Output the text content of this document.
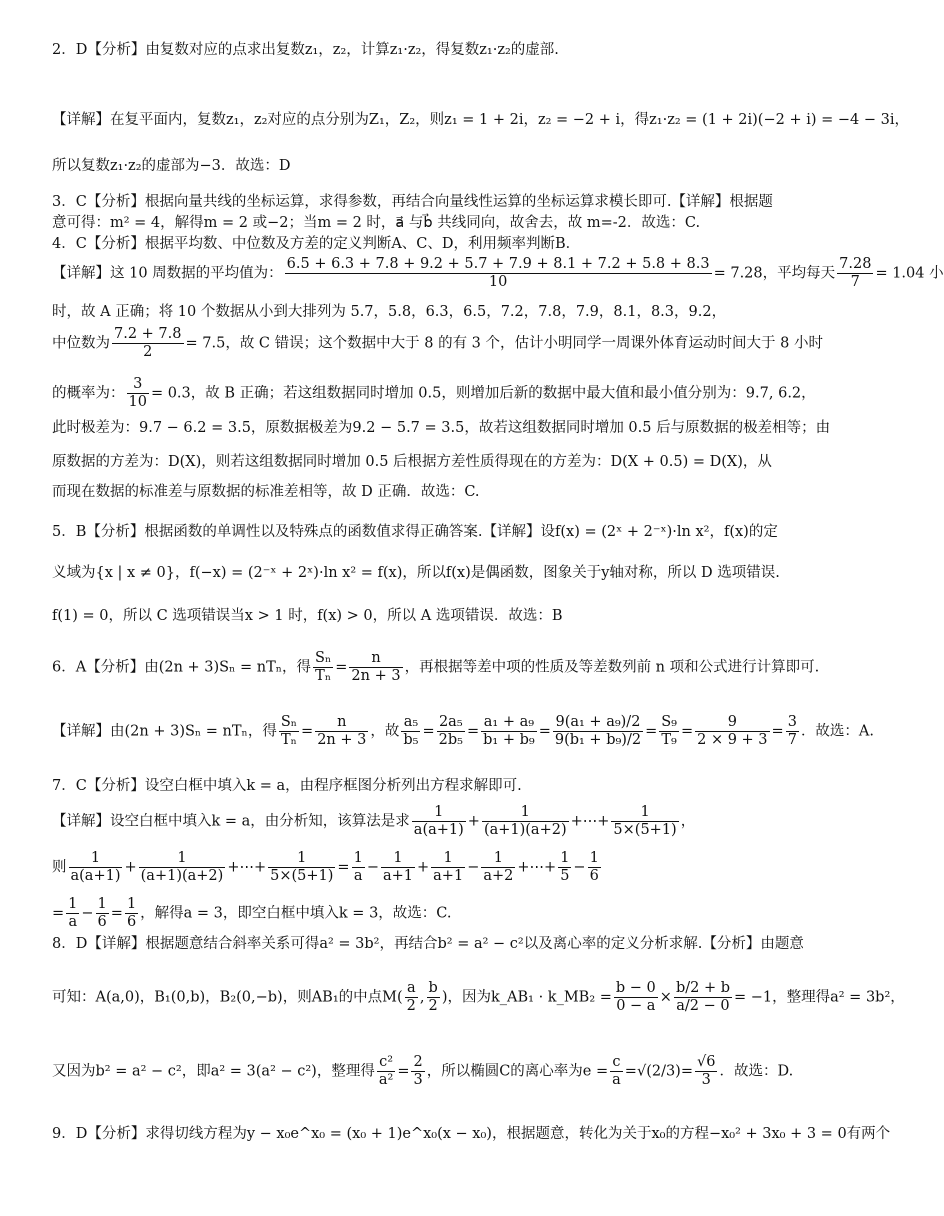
2．D【分析】由复数对应的点求出复数z₁，z₂，计算z₁·z₂，得复数z₁·z₂的虚部.
【详解】在复平面内，复数z₁，z₂对应的点分别为Z₁，Z₂，则z₁ = 1 + 2i，z₂ = −2 + i，得z₁·z₂ = (1 + 2i)(−2 + i) = −4 − 3i，
所以复数z₁·z₂的虚部为−3．故选：D
3．C【分析】根据向量共线的坐标运算，求得参数，再结合向量线性运算的坐标运算求模长即可.【详解】根据题
意可得：m² = 4，解得m = 2 或−2；当m = 2 时，a⃗ 与b⃗ 共线同向，故舍去，故 m=-2．故选：C.
4．C【分析】根据平均数、中位数及方差的定义判断A、C、D，利用频率判断B．
【详解】这 10 周数据的平均值为： $\frac{6.5 + 6.3 + 7.8 + 9.2 + 5.7 + 7.9 + 8.1 + 7.2 + 5.8 + 8.3}{10} = 7.28$，平均每天 $\frac{7.28}{7} = 1.04$ 小
时，故 A 正确；将 10 个数据从小到大排列为 5.7，5.8，6.3，6.5，7.2，7.8，7.9，8.1，8.3，9.2，
中位数为 $\frac{7.2 + 7.8}{2} = 7.5$，故 C 错误；这个数据中大于 8 的有 3 个，估计小明同学一周课外体育运动时间大于 8 小时
的概率为： $\frac{3}{10} = 0.3$，故 B 正确；若这组数据同时增加 0.5，则增加后新的数据中最大值和最小值分别为：9.7, 6.2，
此时极差为：9.7 − 6.2 = 3.5，原数据极差为9.2 − 5.7 = 3.5，故若这组数据同时增加 0.5 后与原数据的极差相等；由
原数据的方差为：D(X)，则若这组数据同时增加 0.5 后根据方差性质得现在的方差为：D(X + 0.5) = D(X)，从
而现在数据的标准差与原数据的标准差相等，故 D 正确．故选：C.
5．B【分析】根据函数的单调性以及特殊点的函数值求得正确答案.【详解】设f(x) = (2ˣ + 2⁻ˣ)·ln x²，f(x)的定
义域为{x | x ≠ 0}，f(−x) = (2⁻ˣ + 2ˣ)·ln x² = f(x)，所以f(x)是偶函数，图象关于y轴对称，所以 D 选项错误.
f(1) = 0，所以 C 选项错误当x > 1 时，f(x) > 0，所以 A 选项错误．故选：B
6．A【分析】由(2n + 3)Sₙ = nTₙ，得 $\frac{\text{Sₙ}}{\text{Tₙ}} = \frac{n}{2n + 3}$ ，再根据等差中项的性质及等差数列前 n 项和公式进行计算即可.
【详解】由(2n + 3)Sₙ = nTₙ，得 $\frac{\text{Sₙ}}{\text{Tₙ}} = \frac{n}{2n + 3}$ ，故 $\frac{\text{a₅}}{\text{b₅}} = \frac{\text{2a₅}}{\text{2b₅}} = \frac{\text{a₁ + a₉}}{\text{b₁ + b₉}} = \frac{\text{9(a₁ + a₉)/2}}{\text{9(b₁ + b₉)/2}} = \frac{\text{S₉}}{\text{T₉}} = \frac{9}{2 \times 9 + 3} = \frac{3}{7}$ ．故选：A.
7．C【分析】设空白框中填入k = a，由程序框图分析列出方程求解即可.
【详解】设空白框中填入k = a，由分析知，该算法是求 $\frac{1}{a(a+1)} + \frac{1}{(a+1)(a+2)}$ +⋯+ $\frac{1}{5\times(5+1)}$ ，
则 $\frac{1}{a(a+1)} + \frac{1}{(a+1)(a+2)}$ +⋯+ $\frac{1}{5\times(5+1)} = \frac{1}{a} - \frac{1}{a+1} + \frac{1}{a+1} - \frac{1}{a+2}$ +⋯+ $\frac{1}{5} - \frac{1}{6}$
= $\frac{1}{a} - \frac{1}{6} = \frac{1}{6}$ ，解得a = 3，即空白框中填入k = 3，故选：C.
8．D【详解】根据题意结合斜率关系可得a² = 3b²，再结合b² = a² − c²以及离心率的定义分析求解.【分析】由题意
可知：A(a,0)，B₁(0,b)，B₂(0,−b)，则AB₁的中点$M( \frac{a}{2}$ , $\frac{b}{2}$ )，因为k_AB₁ · k_MB₂ = $\frac{b - 0}{0 - a} \times \frac{b/2 + b}{a/2 - 0} = -1$，整理得a² = 3b²，
又因为b² = a² − c²，即a² = 3(a² − c²)，整理得 $\frac{\text{c²}}{\text{a²}} = \frac{2}{3}$ ，所以椭圆C的离心率为$e = \frac{c}{a} =√(2/3)= \frac{√6}{3}$ ．故选：D.
9．D【分析】求得切线方程为y − x₀e^x₀ = (x₀ + 1)e^x₀(x − x₀)，根据题意，转化为关于x₀的方程−x₀² + 3x₀ + 3 = 0有两个
